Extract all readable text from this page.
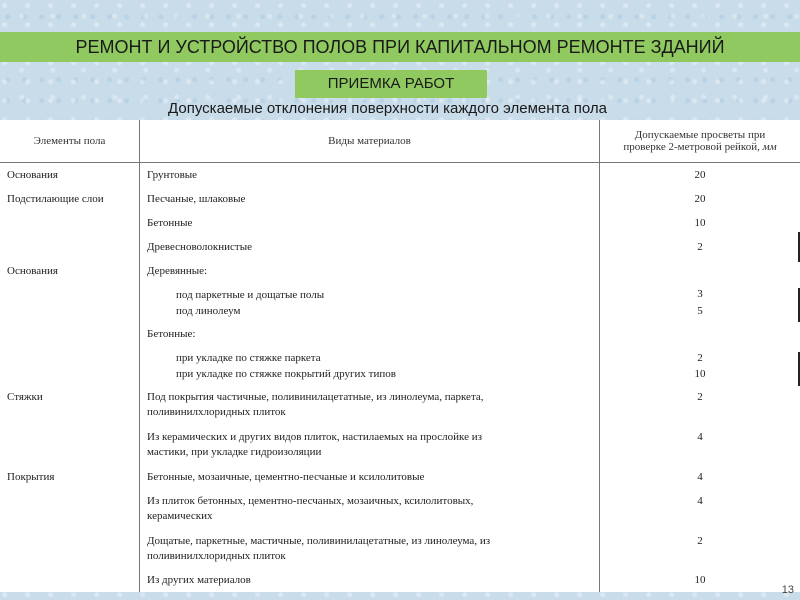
РЕМОНТ И УСТРОЙСТВО ПОЛОВ ПРИ КАПИТАЛЬНОМ РЕМОНТЕ ЗДАНИЙ
ПРИЕМКА РАБОТ
Допускаемые отклонения поверхности каждого элемента пола
Элементы пола	Виды материалов	Допускаемые просветы при
проверке 2-метровой рейкой, мм
Основания	Грунтовые	20
Подстилающие слои	Песчаные, шлаковые	20
Бетонные	10
Древесноволокнистые	2
Основания	Деревянные:
под паркетные и дощатые полы	3
под линолеум	5
Бетонные:
при укладке по стяжке паркета	2
при укладке по стяжке покрытий других типов	10
Стяжки	Под покрытия частичные, поливинилацетатные, из линолеума, паркета,	2
поливинилхлоридных плиток
Из керамических и других видов плиток, настилаемых на прослойке из	4
мастики, при укладке гидроизоляции
Покрытия	Бетонные, мозаичные, цементно-песчаные и ксилолитовые	4
Из плиток бетонных, цементно-песчаных, мозаичных, ксилолитовых,	4
керамических
Дощатые, паркетные, мастичные, поливинилацетатные, из линолеума, из	2
поливинилхлоридных плиток
Из других материалов	10
13
